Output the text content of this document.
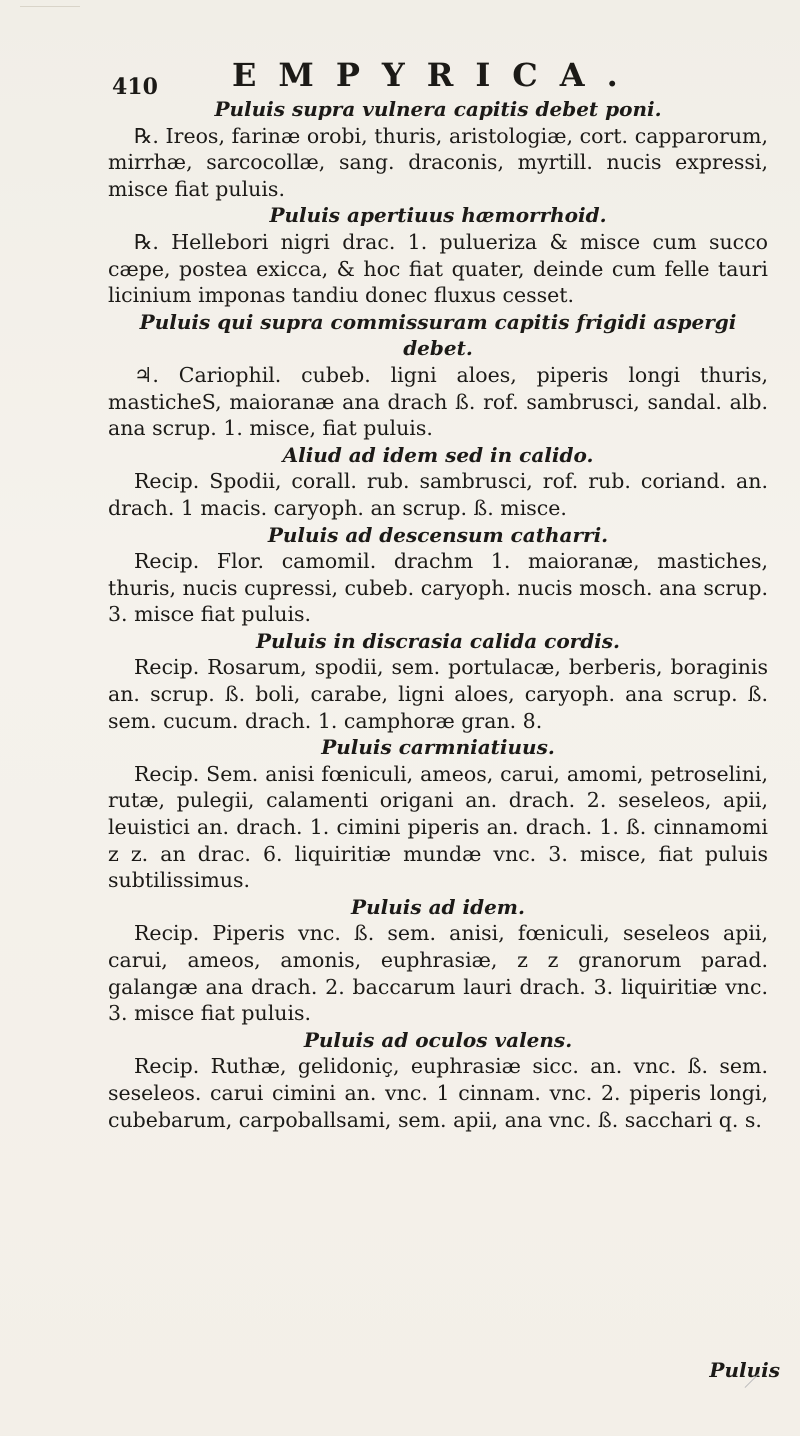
410 EMPYRICA.
Puluis supra vulnera capitis debet poni.
℞. Ireos, farinæ orobi, thuris, aristologiæ, cort. capparorum, mirrhæ, sarcocollæ, sang. draconis, myrtill. nucis expressi, misce fiat puluis.
Puluis apertiuus hæmorrhoid.
℞. Hellebori nigri drac. 1. pulueriza & misce cum succo cæpe, postea exicca, & hoc fiat quater, deinde cum felle tauri licinium imponas tandiu donec fluxus cesset.
Puluis qui supra commissuram capitis frigidi aspergi debet.
♃. Cariophil. cubeb. ligni aloes, piperis longi thuris, masticheS, maioranæ ana drach ß. rof. sambrusci, sandal. alb. ana scrup. 1. misce, fiat puluis.
Aliud ad idem sed in calido.
Recip. Spodii, corall. rub. sambrusci, rof. rub. coriand. an. drach. 1 macis. caryoph. an scrup. ß. misce.
Puluis ad descensum catharri.
Recip. Flor. camomil. drachm 1. maioranæ, mastiches, thuris, nucis cupressi, cubeb. caryoph. nucis mosch. ana scrup. 3. misce fiat puluis.
Puluis in discrasia calida cordis.
Recip. Rosarum, spodii, sem. portulacæ, berberis, boraginis an. scrup. ß. boli, carabe, ligni aloes, caryoph. ana scrup. ß. sem. cucum. drach. 1. camphoræ gran. 8.
Puluis carmniatiuus.
Recip. Sem. anisi fœniculi, ameos, carui, amomi, petroselini, rutæ, pulegii, calamenti origani an. drach. 2. seseleos, apii, leuistici an. drach. 1. cimini piperis an. drach. 1. ß. cinnamomi z z. an drac. 6. liquiritiæ mundæ vnc. 3. misce, fiat puluis subtilissimus.
Puluis ad idem.
Recip. Piperis vnc. ß. sem. anisi, fœniculi, seseleos apii, carui, ameos, amonis, euphrasiæ, z z granorum parad. galangæ ana drach. 2. baccarum lauri drach. 3. liquiritiæ vnc. 3. misce fiat puluis.
Puluis ad oculos valens.
Recip. Ruthæ, gelidoniç, euphrasiæ sicc. an. vnc. ß. sem. seseleos. carui cimini an. vnc. 1 cinnam. vnc. 2. piperis longi, cubebarum, carpoballsami, sem. apii, ana vnc. ß. sacchari q. s.
Puluis
